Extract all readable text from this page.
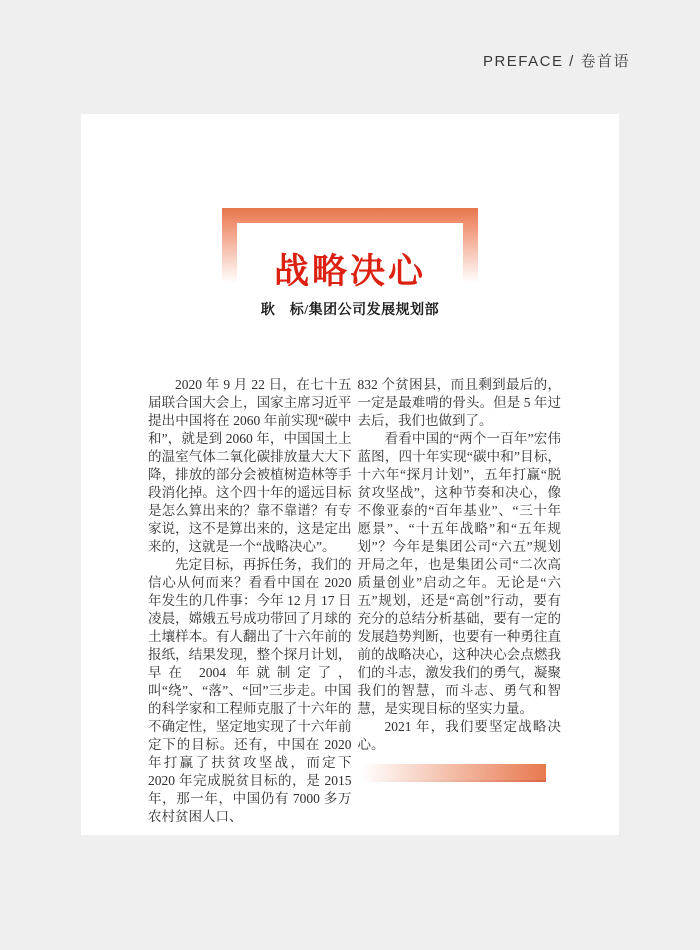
PREFACE / 卷首语
战略决心
耿　标/集团公司发展规划部

2020 年 9 月 22 日，在七十五届联合国大会上，国家主席习近平提出中国将在 2060 年前实现“碳中和”，就是到 2060 年，中国国土上的温室气体二氧化碳排放量大大下降，排放的部分会被植树造林等手段消化掉。这个四十年的遥远目标是怎么算出来的？靠不靠谱？有专家说，这不是算出来的，这是定出来的，这就是一个“战略决心”。

先定目标，再拆任务，我们的信心从何而来？看看中国在 2020 年发生的几件事：今年 12 月 17 日凌晨，嫦娥五号成功带回了月球的土壤样本。有人翻出了十六年前的报纸，结果发现，整个探月计划，早在 2004 年就制定了，叫“绕”、“落”、“回”三步走。中国的科学家和工程师克服了十六年的不确定性，坚定地实现了十六年前定下的目标。还有，中国在 2020 年打赢了扶贫攻坚战，而定下 2020 年完成脱贫目标的，是 2015 年，那一年，中国仍有 7000 多万农村贫困人口、

832 个贫困县，而且剩到最后的，一定是最难啃的骨头。但是 5 年过去后，我们也做到了。

看看中国的“两个一百年”宏伟蓝图，四十年实现“碳中和”目标，十六年“探月计划”，五年打赢“脱贫攻坚战”，这种节奏和决心，像不像亚泰的“百年基业”、“三十年愿景”、“十五年战略”和“五年规划”？今年是集团公司“六五”规划开局之年，也是集团公司“二次高质量创业”启动之年。无论是“六五”规划，还是“高创”行动，要有充分的总结分析基础，要有一定的发展趋势判断，也要有一种勇往直前的战略决心，这种决心会点燃我们的斗志，激发我们的勇气，凝聚我们的智慧，而斗志、勇气和智慧，是实现目标的坚实力量。

2021 年，我们要坚定战略决心。
